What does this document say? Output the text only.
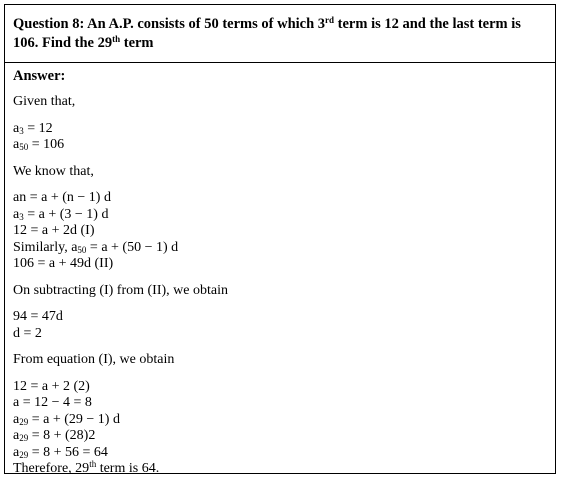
Question 8: An A.P. consists of 50 terms of which 3rd term is 12 and the last term is 106. Find the 29th term
Answer:
Given that,
$a_3 = 12$
$a_{50} = 106$
We know that,
an = a + (n − 1) d
$a_3 = a + (3 - 1)$ d
12 = a + 2d (I)
Similarly, $a_{50} = a + (50 - 1)$ d
106 = a + 49d (II)
On subtracting (I) from (II), we obtain
94 = 47d
d = 2
From equation (I), we obtain
12 = a + 2 (2)
a = 12 − 4 = 8
$a_{29} = a + (29 - 1)$ d
$a_{29} = 8 + (28)2$
$a_{29} = 8 + 56 = 64$
Therefore, 29th term is 64.
